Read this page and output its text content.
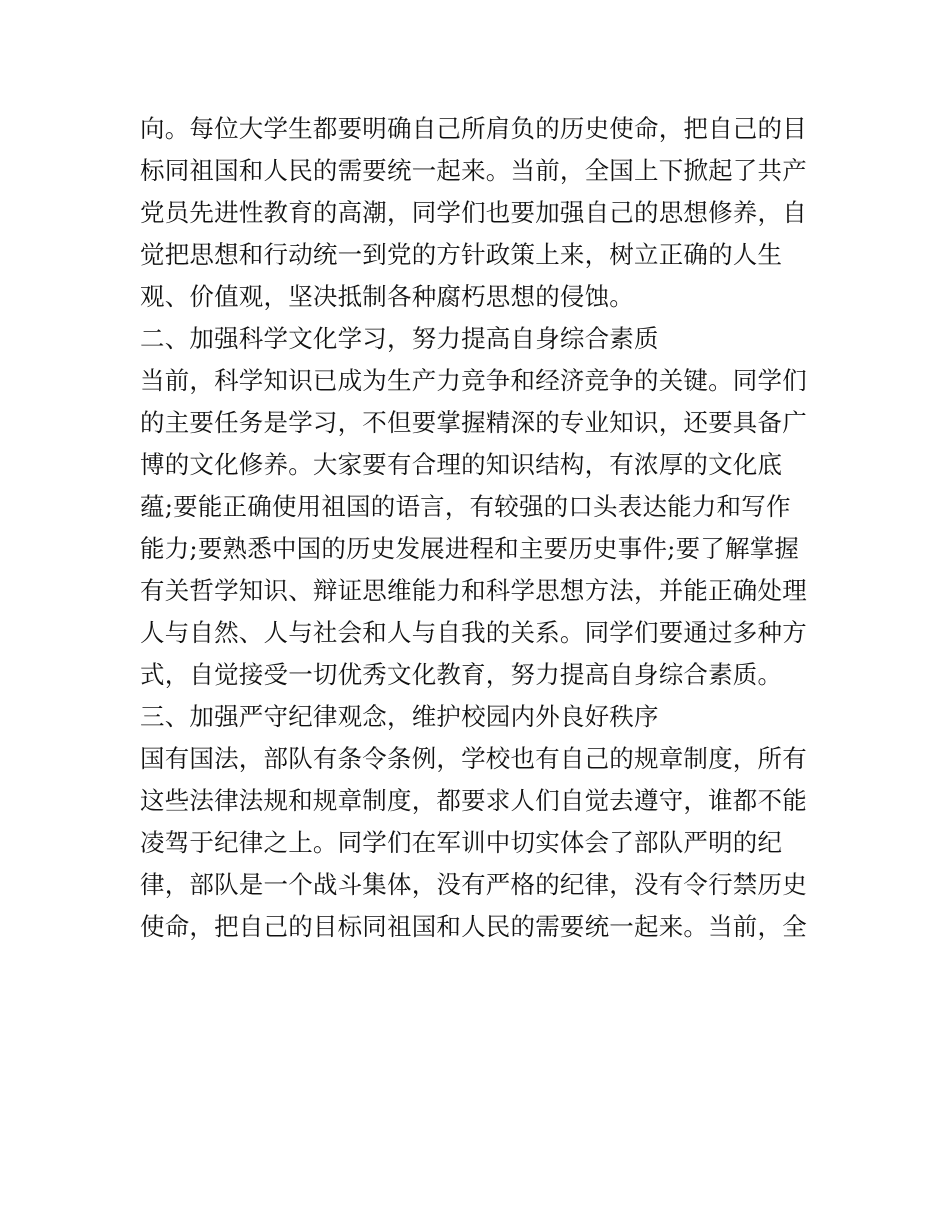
向。每位大学生都要明确自己所肩负的历史使命，把自己的目
标同祖国和人民的需要统一起来。当前，全国上下掀起了共产
党员先进性教育的高潮，同学们也要加强自己的思想修养，自
觉把思想和行动统一到党的方针政策上来，树立正确的人生
观、价值观，坚决抵制各种腐朽思想的侵蚀。
二、加强科学文化学习，努力提高自身综合素质
当前，科学知识已成为生产力竞争和经济竞争的关键。同学们
的主要任务是学习，不但要掌握精深的专业知识，还要具备广
博的文化修养。大家要有合理的知识结构，有浓厚的文化底
蕴;要能正确使用祖国的语言，有较强的口头表达能力和写作
能力;要熟悉中国的历史发展进程和主要历史事件;要了解掌握
有关哲学知识、辩证思维能力和科学思想方法，并能正确处理
人与自然、人与社会和人与自我的关系。同学们要通过多种方
式，自觉接受一切优秀文化教育，努力提高自身综合素质。
三、加强严守纪律观念，维护校园内外良好秩序
国有国法，部队有条令条例，学校也有自己的规章制度，所有
这些法律法规和规章制度，都要求人们自觉去遵守，谁都不能
凌驾于纪律之上。同学们在军训中切实体会了部队严明的纪
律，部队是一个战斗集体，没有严格的纪律，没有令行禁历史
使命，把自己的目标同祖国和人民的需要统一起来。当前，全
